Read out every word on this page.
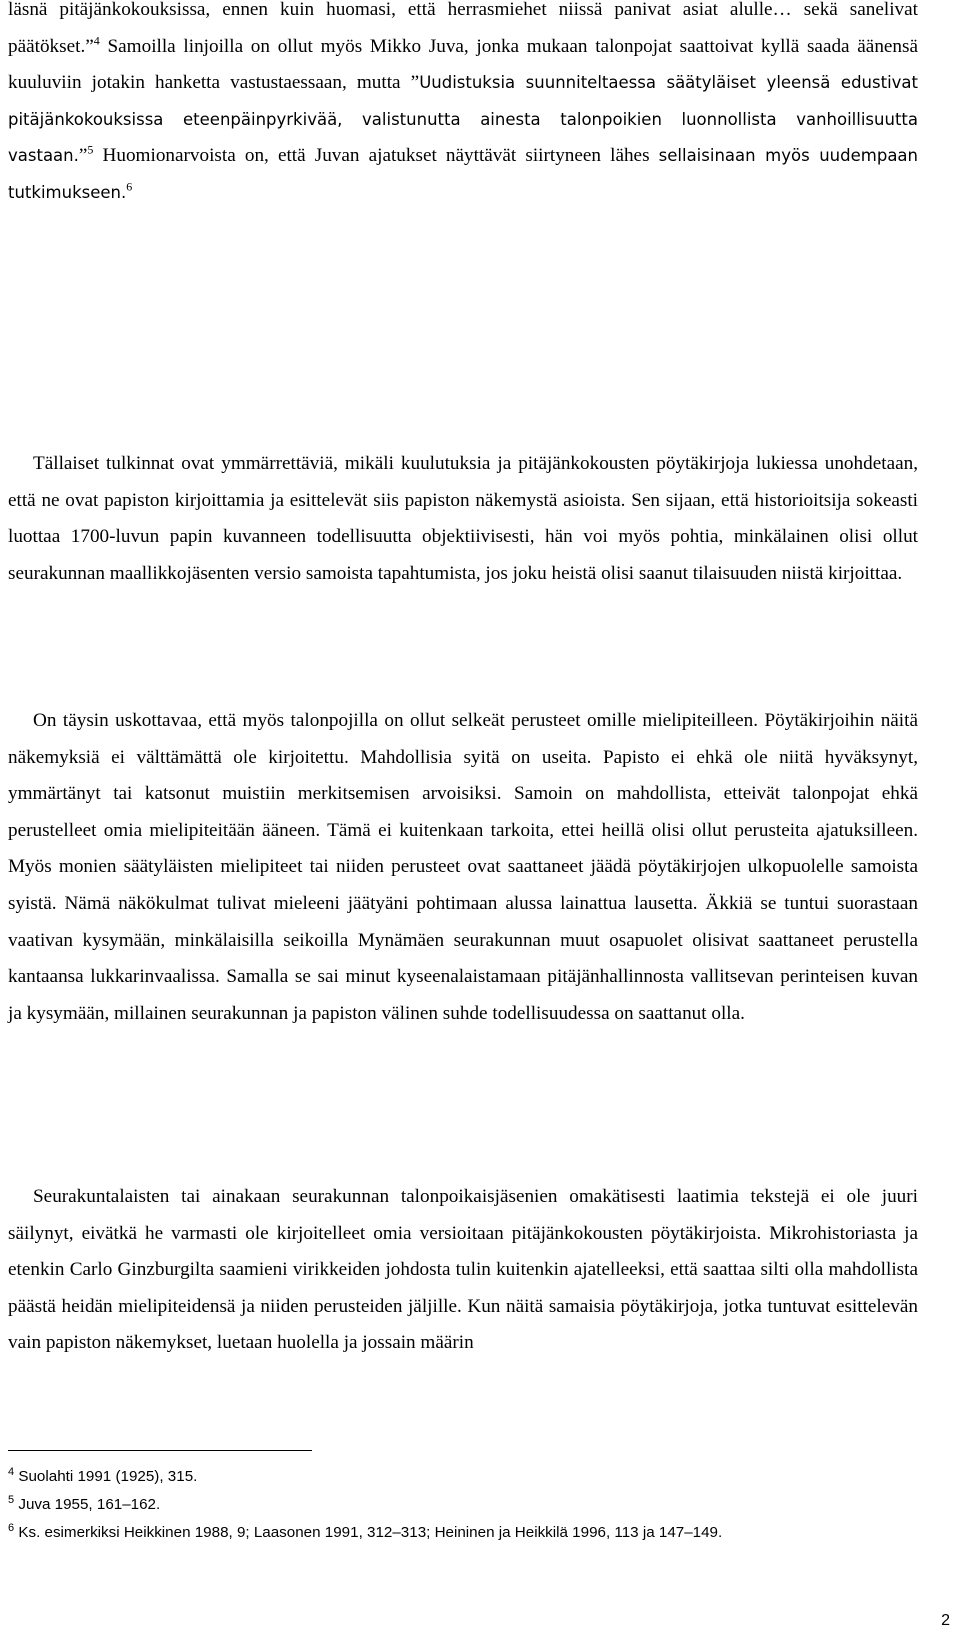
läsnä pitäjänkokouksissa, ennen kuin huomasi, että herrasmiehet niissä panivat asiat alulle… sekä sanelivat päätökset.”$^4$ Samoilla linjoilla on ollut myös Mikko Juva, jonka mukaan talonpojat saattoivat kyllä saada äänensä kuuluviin jotakin hanketta vastustaessaan, mutta ”Uudistuksia suunniteltaessa säätyläiset yleensä edustivat pitäjänkokouksissa eteenpäinpyrkivää, valistunutta ainesta talonpoikien luonnollista vanhoillisuutta vastaan.”$^5$ Huomionarvoista on, että Juvan ajatukset näyttävät siirtyneen lähes sellaisinaan myös uudempaan tutkimukseen.$^6$

Tällaiset tulkinnat ovat ymmärrettäviä, mikäli kuulutuksia ja pitäjänkokousten pöytäkirjoja lukiessa unohdetaan, että ne ovat papiston kirjoittamia ja esittelevät siis papiston näkemystä asioista. Sen sijaan, että historioitsija sokeasti luottaa 1700-luvun papin kuvanneen todellisuutta objektiivisesti, hän voi myös pohtia, minkälainen olisi ollut seurakunnan maallikkojäsenten versio samoista tapahtumista, jos joku heistä olisi saanut tilaisuuden niistä kirjoittaa.

On täysin uskottavaa, että myös talonpojilla on ollut selkeät perusteet omille mielipiteilleen. Pöytäkirjoihin näitä näkemyksiä ei välttämättä ole kirjoitettu. Mahdollisia syitä on useita. Papisto ei ehkä ole niitä hyväksynyt, ymmärtänyt tai katsonut muistiin merkitsemisen arvoisiksi. Samoin on mahdollista, etteivät talonpojat ehkä perustelleet omia mielipiteitään ääneen. Tämä ei kuitenkaan tarkoita, ettei heillä olisi ollut perusteita ajatuksilleen. Myös monien säätyläisten mielipiteet tai niiden perusteet ovat saattaneet jäädä pöytäkirjojen ulkopuolelle samoista syistä. Nämä näkökulmat tulivat mieleeni jäätyäni pohtimaan alussa lainattua lausetta. Äkkiä se tuntui suorastaan vaativan kysymään, minkälaisilla seikoilla Mynämäen seurakunnan muut osapuolet olisivat saattaneet perustella kantaansa lukkarinvaalissa. Samalla se sai minut kyseenalaistamaan pitäjänhallinnosta vallitsevan perinteisen kuvan ja kysymään, millainen seurakunnan ja papiston välinen suhde todellisuudessa on saattanut olla.

Seurakuntalaisten tai ainakaan seurakunnan talonpoikaisjäsenien omakätisesti laatimia tekstejä ei ole juuri säilynyt, eivätkä he varmasti ole kirjoitelleet omia versioitaan pitäjänkokousten pöytäkirjoista. Mikrohistoriasta ja etenkin Carlo Ginzburgilta saamieni virikkeiden johdosta tulin kuitenkin ajatelleeksi, että saattaa silti olla mahdollista päästä heidän mielipiteidensä ja niiden perusteiden jäljille. Kun näitä samaisia pöytäkirjoja, jotka tuntuvat esittelevän vain papiston näkemykset, luetaan huolella ja jossain määrin

$^4$ Suolahti 1991 (1925), 315.

$^5$ Juva 1955, 161–162.

$^6$ Ks. esimerkiksi Heikkinen 1988, 9; Laasonen 1991, 312–313; Heininen ja Heikkilä 1996, 113 ja 147–149.

2
